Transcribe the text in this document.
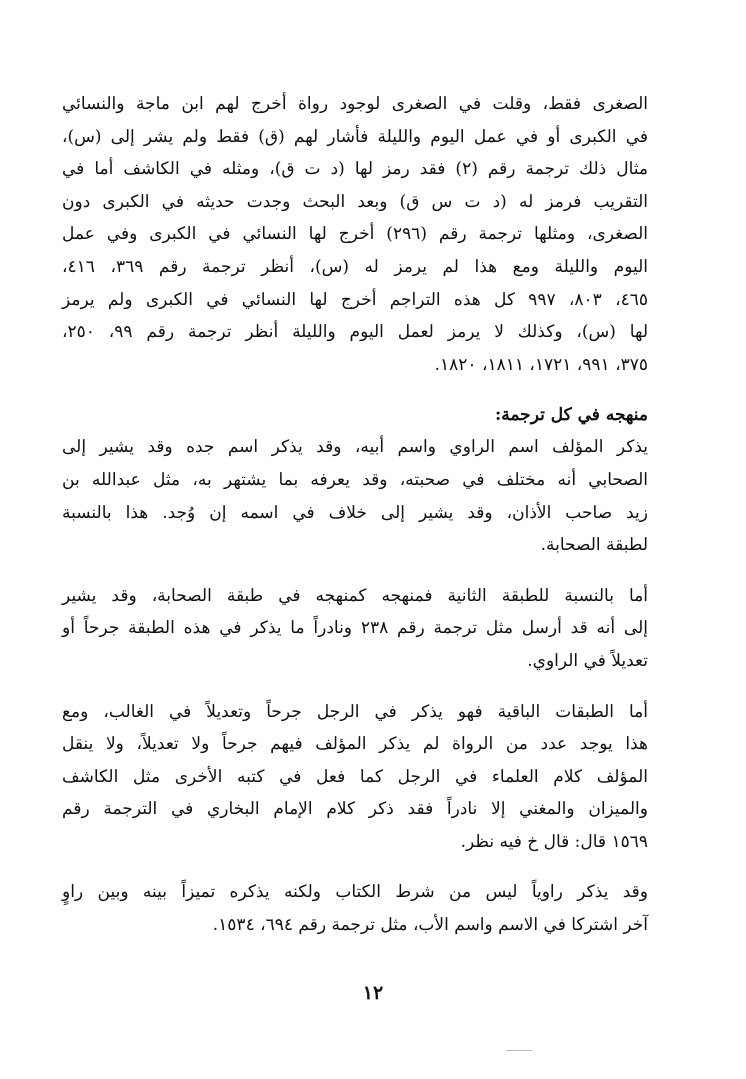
الصغرى فقط، وقلت في الصغرى لوجود رواة أخرج لهم ابن ماجة والنسائي
في الكبرى أو في عمل اليوم والليلة فأشار لهم (ق) فقط ولم يشر إلى (س)،
مثال ذلك ترجمة رقم (٢) فقد رمز لها (د ت ق)، ومثله في الكاشف أما في
التقريب فرمز له (د ت س ق) وبعد البحث وجدت حديثه في الكبرى دون
الصغرى، ومثلها ترجمة رقم (٢٩٦) أخرج لها النسائي في الكبرى وفي عمل
اليوم والليلة ومع هذا لم يرمز له (س)، أنظر ترجمة رقم ٣٦٩، ٤١٦،
٤٦٥، ٨٠٣، ٩٩٧ كل هذه التراجم أخرج لها النسائي في الكبرى ولم يرمز
لها (س)، وكذلك لا يرمز لعمل اليوم والليلة أنظر ترجمة رقم ٩٩، ٢٥٠،
٣٧٥، ٩٩١، ١٧٢١، ١٨١١، ١٨٢٠.
منهجه في كل ترجمة:
يذكر المؤلف اسم الراوي واسم أبيه، وقد يذكر اسم جده وقد يشير إلى
الصحابي أنه مختلف في صحبته، وقد يعرفه بما يشتهر به، مثل عبدالله بن
زيد صاحب الأذان، وقد يشير إلى خلاف في اسمه إن وُجد. هذا بالنسبة
لطبقة الصحابة.
أما بالنسبة للطبقة الثانية فمنهجه كمنهجه في طبقة الصحابة، وقد يشير
إلى أنه قد أرسل مثل ترجمة رقم ٢٣٨ ونادراً ما يذكر في هذه الطبقة جرحاً أو
تعديلاً في الراوي.
أما الطبقات الباقية فهو يذكر في الرجل جرحاً وتعديلاً في الغالب، ومع
هذا يوجد عدد من الرواة لم يذكر المؤلف فيهم جرحاً ولا تعديلاً، ولا ينقل
المؤلف كلام العلماء في الرجل كما فعل في كتبه الأخرى مثل الكاشف
والميزان والمغني إلا نادراً فقد ذكر كلام الإمام البخاري في الترجمة رقم
١٥٦٩ قال: قال خ فيه نظر.
وقد يذكر راوياً ليس من شرط الكتاب ولكنه يذكره تميزاً بينه وبين راوٍ
آخر اشتركا في الاسم واسم الأب، مثل ترجمة رقم ٦٩٤، ١٥٣٤.
١٢
